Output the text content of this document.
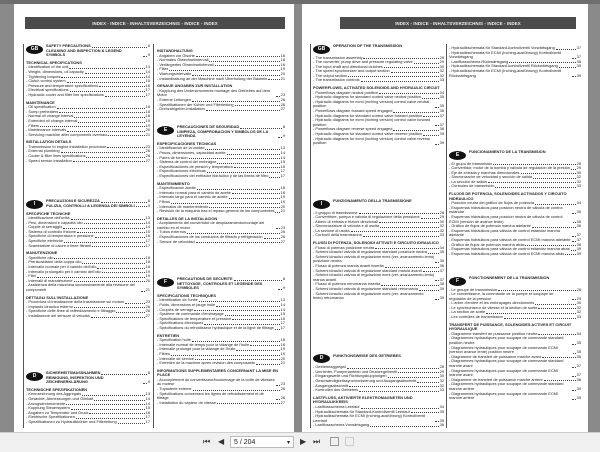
INDEX - INDICE - INHALTSVERZEICHNIS - INDICE - INDEX
GB
SAFETY PRECAUTIONS	8
CLEANING AND INSPECTION & LEGEND SYMBOLS	9
TECHNICAL SPECIFICATIONS
- Identification of the unit	13
- Weight, dimensions, oil capacity	14
- Tightening torques	14
- Clutch control system	15
- Pressure and temperature specifications	16
- Electrical specifications	17
- Hydraulic cooler and filter line specifications	17
MAINTENANCE
- Oil specification	18
- Sump preheaters	18
- Normal oil change interval	18
- Extended oil change interval	19
- Filters	19
- Maintenance intervals	20
- Servicing machine after components overhaul	21
INSTALLATION DETAILS
- Transmission to engine installation procedure	23
- External plumbing	26
- Cooler & filter lines specifications	26
- Speed sensor installation	27
I
PRECAUZIONI E SICUREZZA	8
PULIZIA, CONTROLLI & LEGENDA DEI SIMBOLI	9
SPECIFICHE TECNICHE
- Identificazione dell'unità	13
- Pesi, dimensioni e capacità olio	14
- Coppie di serraggio	14
- Sistema di controllo frizione	15
- Specifiche di temperatura e pressione	16
- Specifiche elettriche	17
- Scambiatore di calore e linee filtranti	17
MANUTENZIONE
- Specifiche olio	18
- Preriscaldatori della coppa olio	18
- Intervallo normale per il cambio dell'olio	18
- Intervallo prolungato per il cambio dell'olio	19
- Filtri	19
- Intervalli di manutenzione	20
- Assistenza della macchina successivamente alla revisione dei componenti	21
DETTAGLI SULL'INSTALLAZIONE
- Procedura di installazione della trasmissione sul motore	23
- Impianto idraulico esterno	26
- Specifiche delle linee di raffreddamento e filtraggio	26
- Installazione del sensore di velocità	27
D
SICHERHEITSMASSNAHMEN	8
REINIGUNG, INSPEKTION UND ZEICHENERKLÄRUNG	9
TECHNISCHE SPEZIFIKATIONEN
- Kennzeichnung des Aggregats	13
- Gewichte, Abmessungen und Ölinhalt	14
- Anzugsdrehmomente	14
- Kupplung Steuersystem	15
- Angaben zu Temperatur und Druck	16
- Elektrische Spezifikationen	17
- Spezifikationen zu Hydraulikkühler und Filterleitung	17
INSTANDHALTUNG
- Angaben zur Ölsorte	18
- Normales Ölwechselintervall	18
- Verlängertes Ölwechselintervall	18
- Filter	19
- Wartungsintervalle	20
- Instandhaltung an der Maschine nach Überholung der Bauteile	21
GENAUE ANGABEN ZUR INSTALLATION
- Kopplung des Umlenkmoments montage des Getriebes auf dem Motor	23
- Externe Leitungen	26
- Spezifikationen der Kühler und Filterleitung	26
- Drehzahlgeber-Installation	27
E
PRECAUCIONES DE SEGURIDAD	8
LIMPIEZA, COMPROBACION Y SIMBOLOS DE LA LEYENDA	9
ESPECIFICACIONES TECNICAS
- Identificación de la unidad	13
- Pesos, dimensiones, capacidad aceite	14
- Pares de torsion	14
- Sistema de control del embrague	15
- Especificaciones de presión y temperatura	16
- Especificaciones eléctricas	17
- Especificaciones del enfriador hidráulico y de las lineas de filtro	17
MANTENIMIENTO
- Especificación aceite	18
- Intervalo normal para el cambio de aceite	18
- Intervalo largo para el cambio de aceite	19
- Filtros	19
- Intervalos de mantenimiento	20
- Revisión de la máquina tras el repaso general de los componentes 21
DETALLES DE LA INSTALACION
- Acoplamiento del convertidor de desplazamiento/montaje del cambio en el motor	23
- Tubos externos	26
- Especificaciones de los conductos de filtrado y refrigeración	26
- Sensor de velocidad	27
F
PRECAUTIONS DE SECURITE	8
NETTOYAGE, CONTROLES ET LEGENDE DES SYMBOLES	9
SPECIFICATIONS TECHNIQUES
- Identification de l'unité	13
- Poids, dimensions et jauge huile	14
- Couples de serrage	14
- Système de commande d'embrayage	15
- Spécifications de température et pression	16
- Spécifications électriques	17
- Spécifications du refroidisseur hydraulique et de la ligne de filtrage 17
ENTRETIEN
- Spécification huile	18
- Intervalle normal de temps pour la vidange de l'huile	18
- Intervalle prolongé pour la vidange de l'huile	19
- Filtres	19
- Intervalle de service	20
- Entretien de la machine après révision des composants	21
INFORMATIONS SUPPLEMENTAIRES CONCERNANT LA MISE EN PLACE
- Accouplement du convertisseur/boulonnage de la boîte de vitesses au moteur	23
- Tuyauterie externe	26
- Spécifications concernant les lignes de refroidissement et de filtrage	26
- Installation du capteur de vitesse	27
INDEX - INDICE - INHALTSVERZEICHNIS - INDICE - INDEX
GB
OPERATION OF THE TRANSMISSION
- The transmission assembly	28
- The converter, pump drive and pressure regulating valve	29
- The input shaft and directional clutches	30
- The speed synchronizer and output section	32
- The output section	32
- The transmission controls	33
POWERFLOWS, ACTIVATED SOLENOIDS AND HYDRAULIC CIRCUIT
- Powerflows diagram neutral position	34
- Hydraulic diagrams for standard control valve neutral position	35
- Hydraulic diagrams for ecmi (inching version) control valve neutral position	35
- Powerflows diagram forward speed engaged	36
- Hydraulic diagrams for standard control valve forward position	37
- Hydraulic diagrams for ecmi (inching version) control valve forward position	37
- Powerflows diagram reverse speed engaged	38
- Hydraulic diagrams for standard control valve reverse position	39
- Hydraulic diagrams for ecmi (inching version) control valve reverse position	39
I
FUNZIONAMENTO DELLA TRASMISSIONE
- Il gruppo di trasmissione	28
- Convertitore, pompa e valvola di regolazione della pressione	29
- Albero di entrata e frizioni direzionali	30
- Sincronizzatore di velocità e di uscita	32
- La sezione di uscita	32
- Controlli della trasmissione	33
FLUSSI DI POTENZA, SOLENOIDI ATTIVATI E CIRCUITO IDRAULICO
- Flussi di potenza posizione neutra	34
- Schemi idraulici valvola di regolazione standard posizione neutra	35
- Schemi idraulici valvola di regolazione ecmi (ver. avanzamento lento) posizione neutra	35
- Flusso di potenza marcia avanti inserita	36
- Schemi idraulici valvola di regolazione standard marcia avanti	37
- Schemi idraulici valvola di regolazione ecmi (ver. avanzamento lento) marcia avanti	37
- Flusso di potenza retromarcia inserita	38
- Schemi idraulici valvola di regolazione standard retromarcia	39
- Schemi idraulici valvola di regolazione ecmi (ver. avanzamento lento) retromarcia	39
D
FUNKTIONSWEISE DES GETRIEBES
- Getriebeaggregat	28
- Umrichter, Pumpenantrieb und Druckregelventil	29
- Eingangswelle und Richtungskupplungen	30
- Geschwindigkeitssynchronisierung und Ausgangsabschnitt	32
- Ausgangsabschnitt	32
- Kontrollen des Getriebes	33
LASTFLUSS, AKTIVIERTE ELEKTROMAGNETEN UND HYDRAULIKKREIS
- Lastflussschema Leerlauf	34
- Hydraulikschemata für Standard-Kontrollventil Leerlauf	35
- Hydraulikschemata für ECMI (Inching-ausführung) Kontrollventil Leerlauf	35
- Lastflussschema Vorwärtsgang	36
- Hydraulikschemata für Standard-kontrollventil Vorwärtsgang	37
- Hydraulikschemata für ECMI (Inching-ausführung) Kontrollventil Vorwärtsgang	37
- Lastflussschema Rückwärtsgang	38
- Hydraulikschemata für Standard-kontrollventil Rückwärtsgang	39
- Hydraulikschemata für ECMI (Inching-ausführung) Kontrollventil Rückwärtsgang	39
E
FUNCIONAMIENTO DE LA TRANSMISION
- El grupo de transmisión	28
- Convertidor, motor de la bomba y válvula de regulación de la presión 29
- Eje de entrada y marchas direccionales	30
- Sincronizador de velocidad y sección de salida	32
- La sección de salida	32
- Controles de transmisión	33
FLUJOS DE POTENCIA, SOLENOIDES ACTIVADOS Y CIRCUITO HIDRAULICO
- Posición neutra del gráfico de flujos de potencia	34
- Esquemas hidráulicos para posición neutra de válvula de control estándar	35
- Esquemas hidráulicos para posición neutra de válvula de control ECMI (versión de avance lento)	35
- Gráfico de flujos de potencia marcha adelante	36
- Esquemas hidráulicos para válvula de control estándar marcha adelante	37
- Esquemas hidráulicos para válvula de control ECMI marcha adelante 37
- Gráfico de flujos de potencia marcha atrás	38
- Esquemas hidráulicos para válvula de control estándar marcha atrás 39
- Esquemas hidráulicos para válvula de control ECMI marcha atrás	39
F
FONCTIONNEMENT DE LA TRANSMISSION
- Le groupe de transmission	28
- Le convertisseur, la commande de la pompe et soupape de régulation de la pression	29
- L'arbre d'entrée et les embrayages directionnels	30
- Le synchroniseur de vitesse et la section de sortie	32
- La section de sortie	32
- Les contrôles de transmission	33
TRANSFERT DE PUISSANCE, SOLENOIDES ACTIVES ET CIRCUIT HYDRAULIQUE
- Diagramme transfert de puissance position neutre	34
- Diagrammes hydrauliques pour soupape de commande standard position neutre	35
- Diagrammes hydrauliques pour soupape de commande ECMI (version avance lente) position neutre	35
- Diagramme de transfert de puissance marche avant	36
- Diagrammes hydrauliques pour soupape de commande standard marche avant	37
- Diagrammes hydrauliques pour soupape de commande ECMI marche avant	37
- Diagramme de transfert de puissance marche arrière	38
- Diagrammes hydrauliques pour soupape de commande standard marche arrière	39
- Diagrammes hydrauliques pour soupape de commande ECMI marche arrière	39
⏮ ◀	5 / 204	▾ ▶ ⏭
